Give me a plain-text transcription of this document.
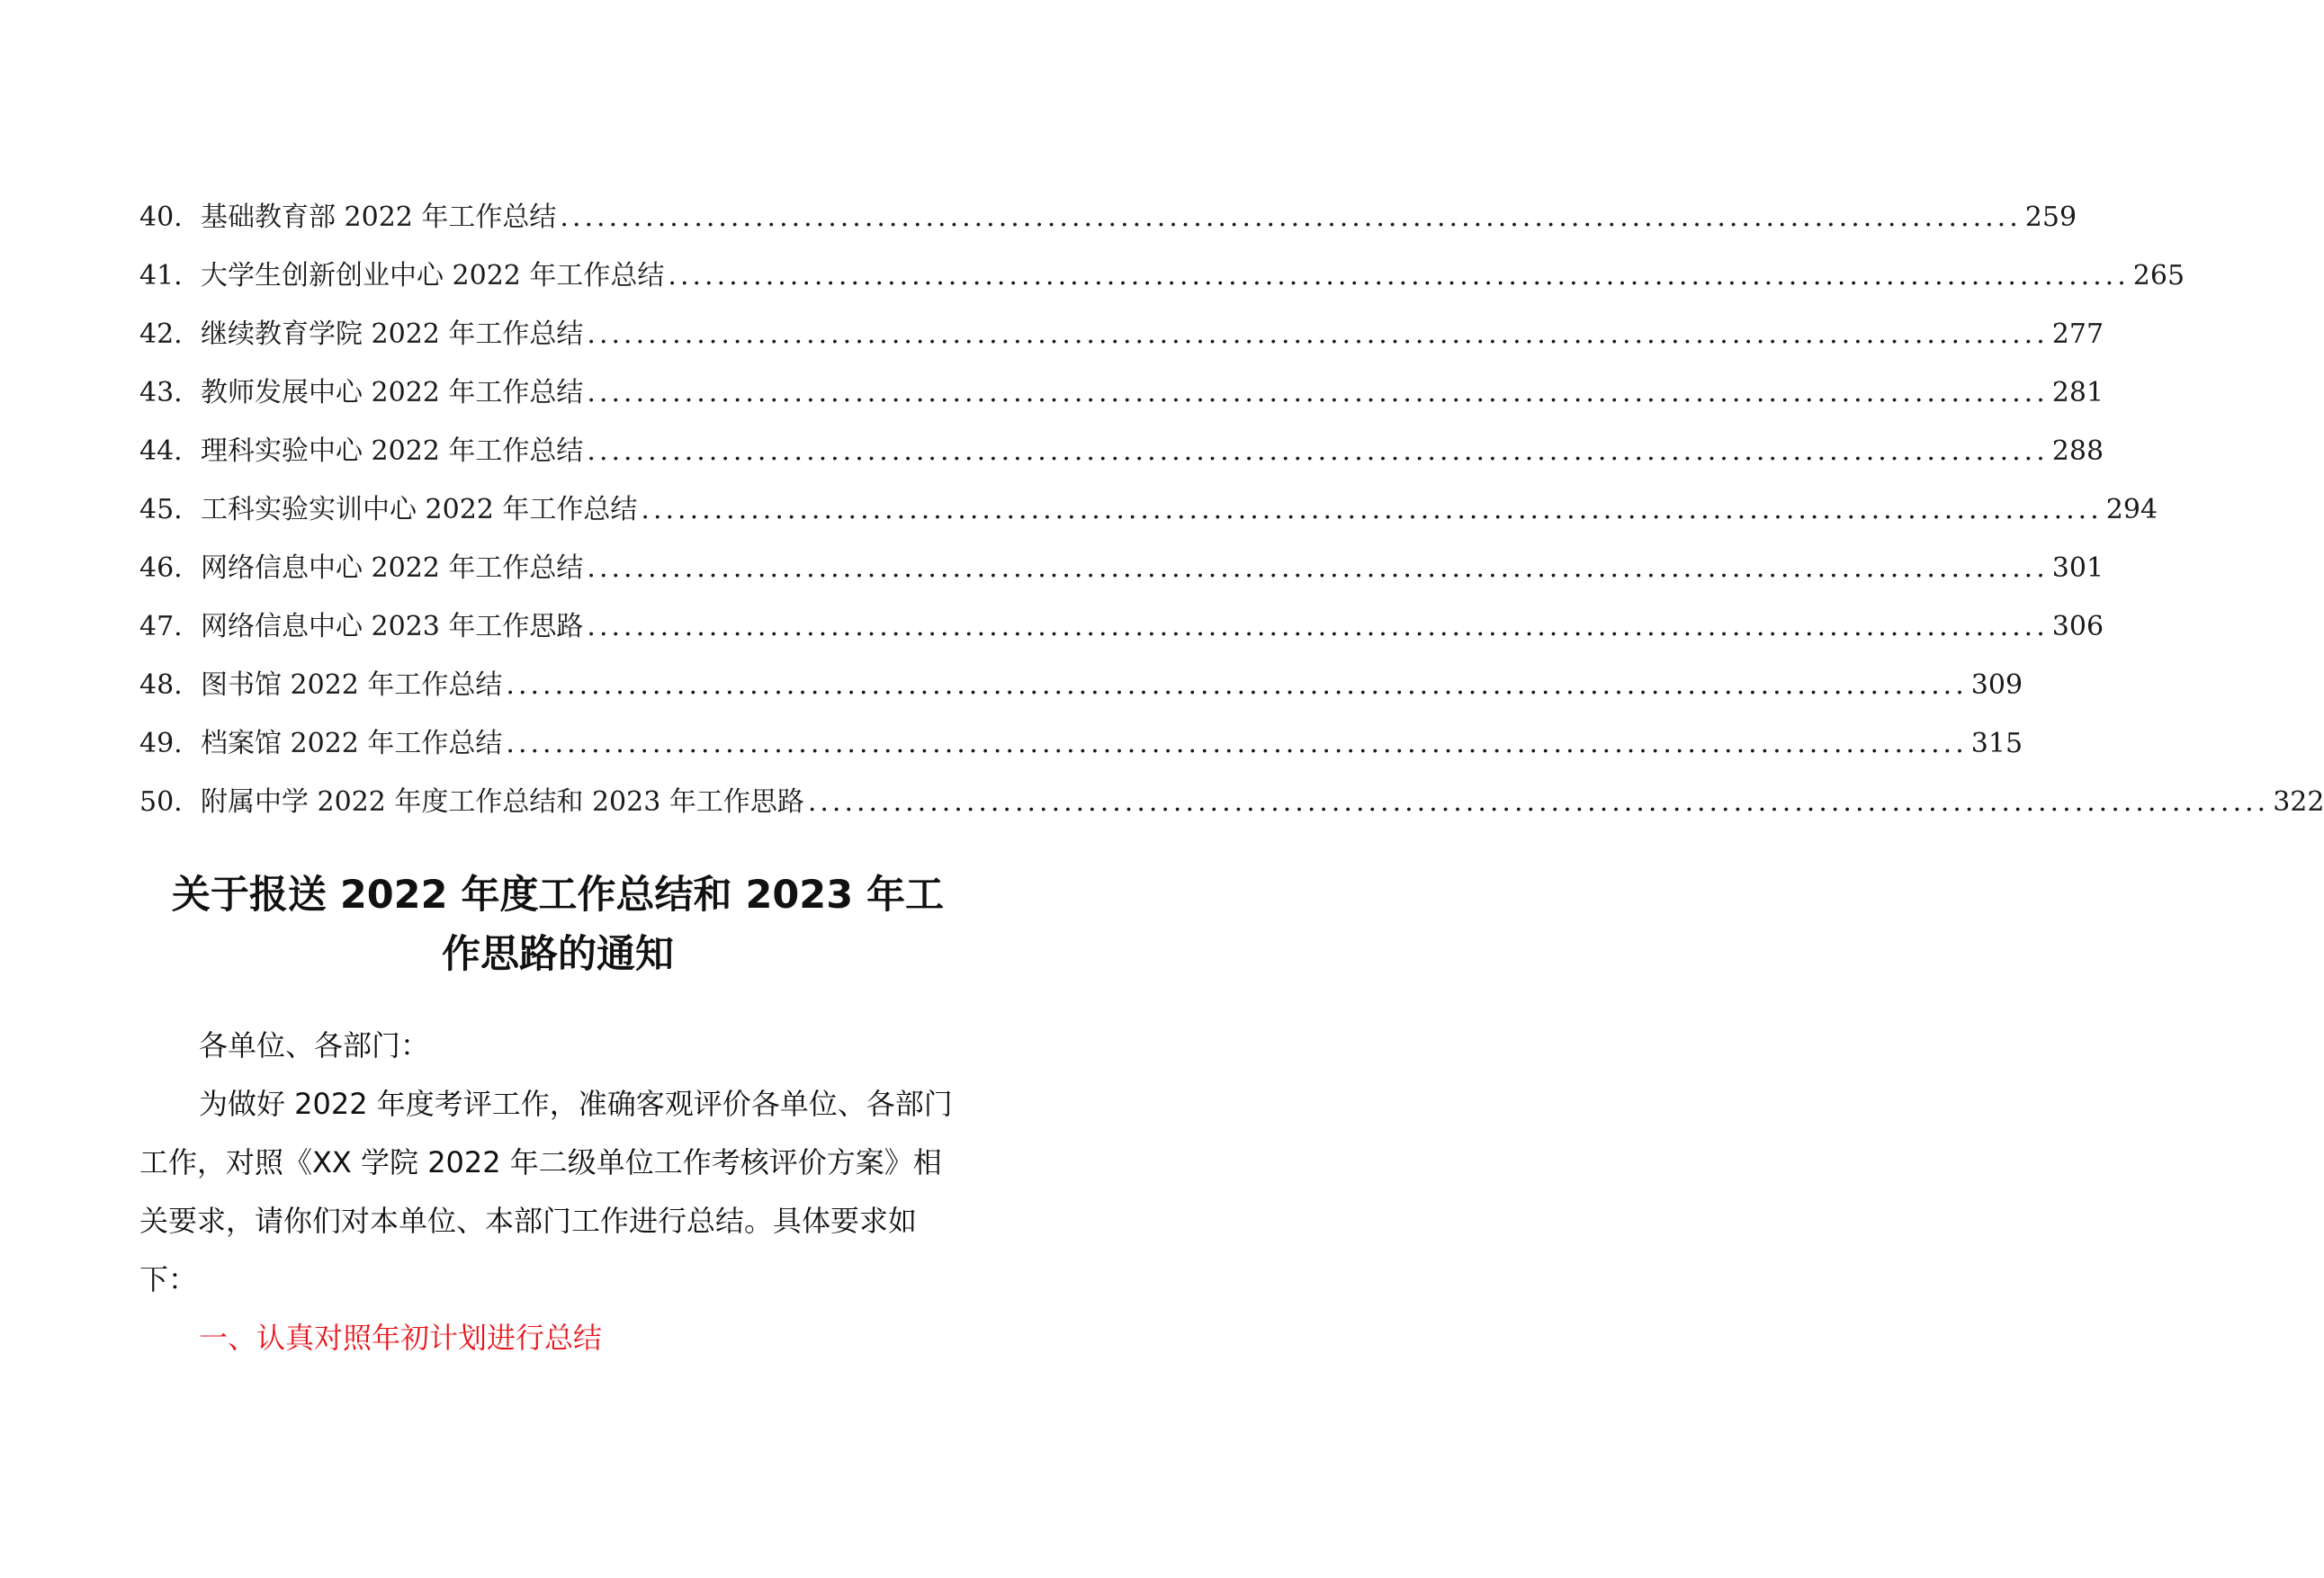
40. 基础教育部 2022 年工作总结 ........................................................................................................................ 259
41. 大学生创新创业中心 2022 年工作总结 ........................................................................................................................ 265
42. 继续教育学院 2022 年工作总结 ........................................................................................................................ 277
43. 教师发展中心 2022 年工作总结 ........................................................................................................................ 281
44. 理科实验中心 2022 年工作总结 ........................................................................................................................ 288
45. 工科实验实训中心 2022 年工作总结 ........................................................................................................................ 294
46. 网络信息中心 2022 年工作总结 ........................................................................................................................ 301
47. 网络信息中心 2023 年工作思路 ........................................................................................................................ 306
48. 图书馆 2022 年工作总结 ........................................................................................................................ 309
49. 档案馆 2022 年工作总结 ........................................................................................................................ 315
50. 附属中学 2022 年度工作总结和 2023 年工作思路 ........................................................................................................................ 322
关于报送 2022 年度工作总结和 2023 年工
作思路的通知
各单位、各部门：
为做好 2022 年度考评工作，准确客观评价各单位、各部门
工作，对照《XX 学院 2022 年二级单位工作考核评价方案》相
关要求，请你们对本单位、本部门工作进行总结。具体要求如
下：
一、认真对照年初计划进行总结
